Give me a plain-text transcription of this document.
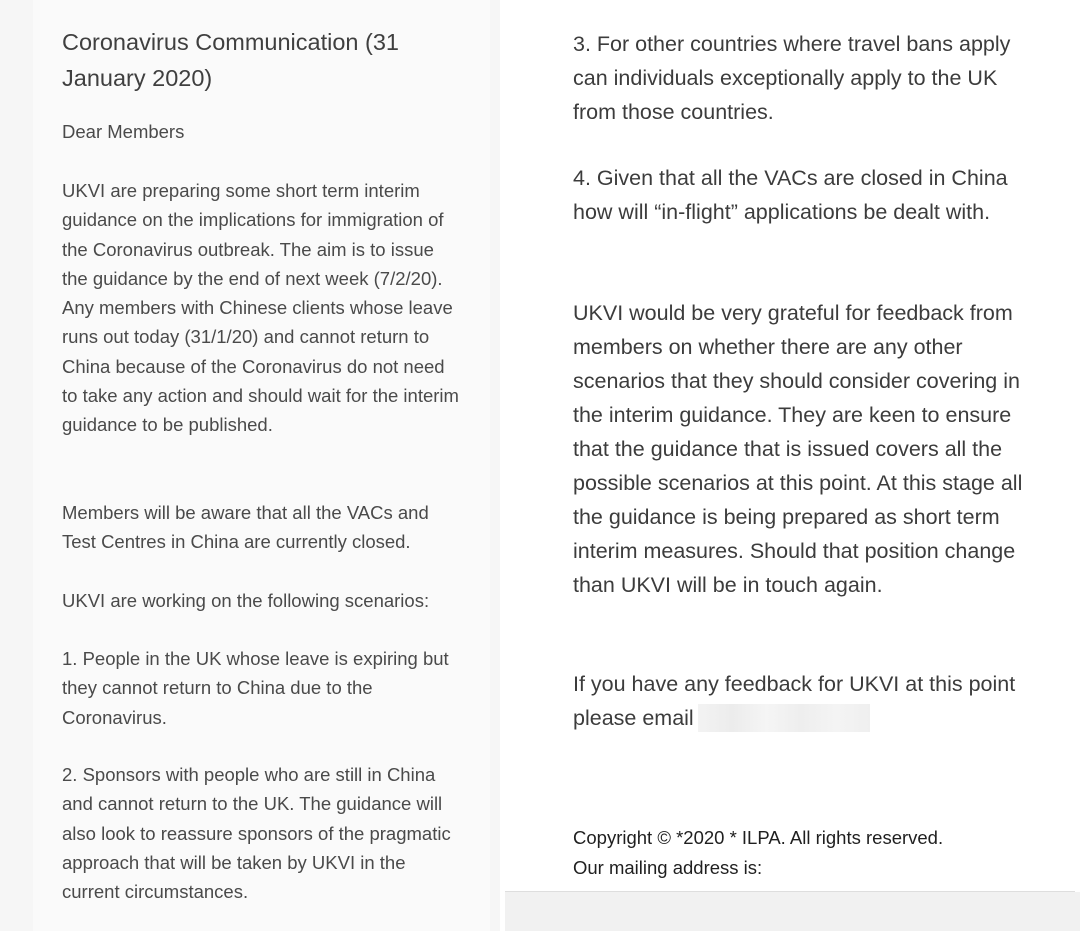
Coronavirus Communication (31 January 2020)

Dear Members

UKVI are preparing some short term interim guidance on the implications for immigration of the Coronavirus outbreak. The aim is to issue the guidance by the end of next week (7/2/20). Any members with Chinese clients whose leave runs out today (31/1/20) and cannot return to China because of the Coronavirus do not need to take any action and should wait for the interim guidance to be published.

Members will be aware that all the VACs and Test Centres in China are currently closed.

UKVI are working on the following scenarios:

1. People in the UK whose leave is expiring but they cannot return to China due to the Coronavirus.

2. Sponsors with people who are still in China and cannot return to the UK. The guidance will also look to reassure sponsors of the pragmatic approach that will be taken by UKVI in the current circumstances.

3. For other countries where travel bans apply can individuals exceptionally apply to the UK from those countries.

4. Given that all the VACs are closed in China how will “in-flight” applications be dealt with.

UKVI would be very grateful for feedback from members on whether there are any other scenarios that they should consider covering in the interim guidance. They are keen to ensure that the guidance that is issued covers all the possible scenarios at this point. At this stage all the guidance is being prepared as short term interim measures. Should that position change than UKVI will be in touch again.

If you have any feedback for UKVI at this point please email

Copyright © *2020 * ILPA. All rights reserved.

Our mailing address is:
